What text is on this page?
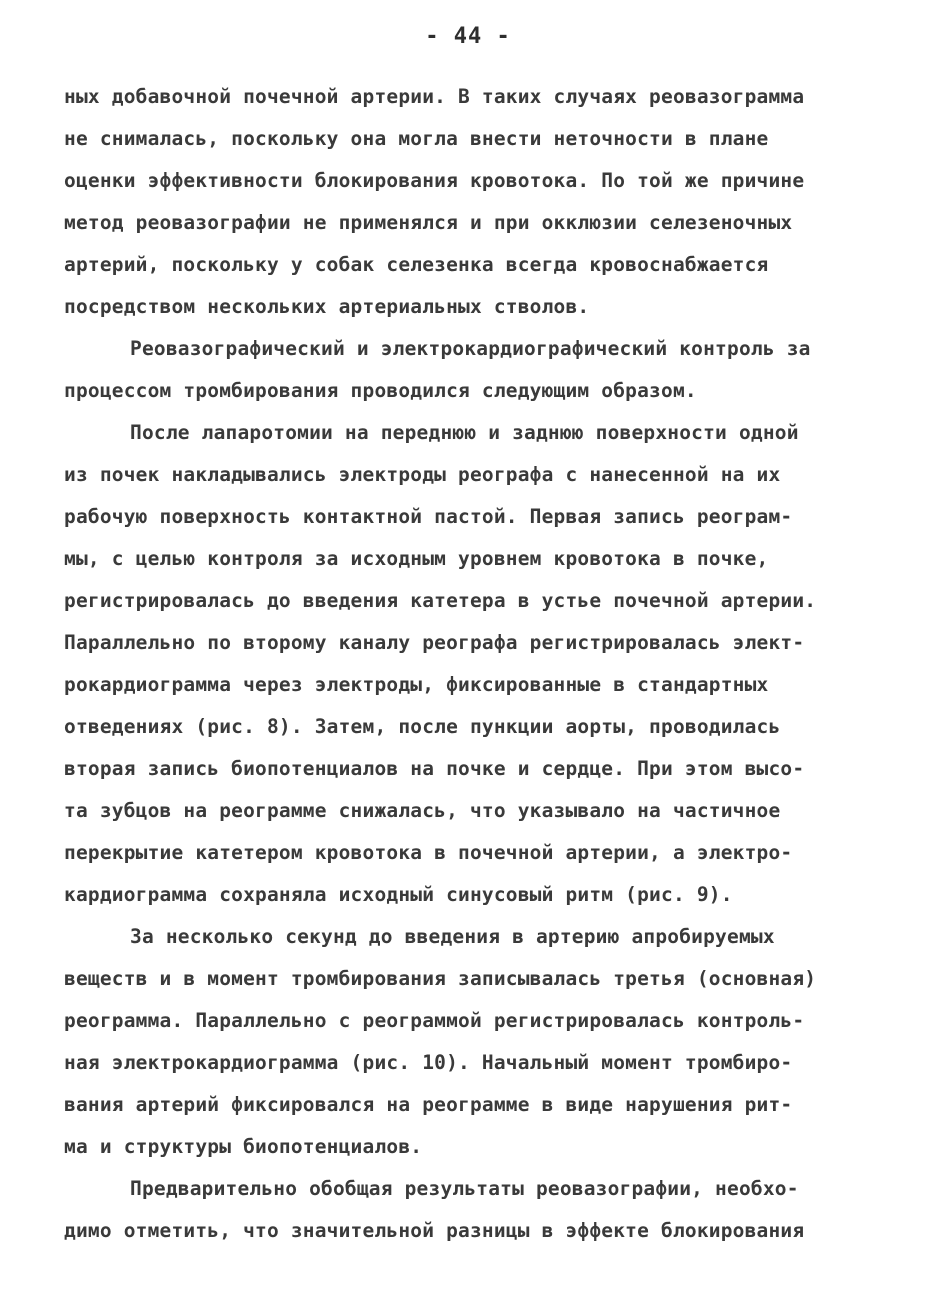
- 44 -
ных добавочной почечной артерии. В таких случаях реовазограмма
не снималась, поскольку она могла внести неточности в плане
оценки эффективности блокирования кровотока. По той же причине
метод реовазографии не применялся и при окклюзии селезеночных
артерий, поскольку у собак селезенка всегда кровоснабжается
посредством нескольких артериальных стволов.
Реовазографический и электрокардиографический контроль за
процессом тромбирования проводился следующим образом.
После лапаротомии на переднюю и заднюю поверхности одной
из почек накладывались электроды реографа с нанесенной на их
рабочую поверхность контактной пастой. Первая запись реограм-
мы, с целью контроля за исходным уровнем кровотока в почке,
регистрировалась до введения катетера в устье почечной артерии.
Параллельно по второму каналу реографа регистрировалась элект-
рокардиограмма через электроды, фиксированные в стандартных
отведениях (рис. 8). Затем, после пункции аорты, проводилась
вторая запись биопотенциалов на почке и сердце. При этом высо-
та зубцов на реограмме снижалась, что указывало на частичное
перекрытие катетером кровотока в почечной артерии, а электро-
кардиограмма сохраняла исходный синусовый ритм (рис. 9).
За несколько секунд до введения в артерию апробируемых
веществ и в момент тромбирования записывалась третья (основная)
реограмма. Параллельно с реограммой регистрировалась контроль-
ная электрокардиограмма (рис. 10). Начальный момент тромбиро-
вания артерий фиксировался на реограмме в виде нарушения рит-
ма и структуры биопотенциалов.
Предварительно обобщая результаты реовазографии, необхо-
димо отметить, что значительной разницы в эффекте блокирования
